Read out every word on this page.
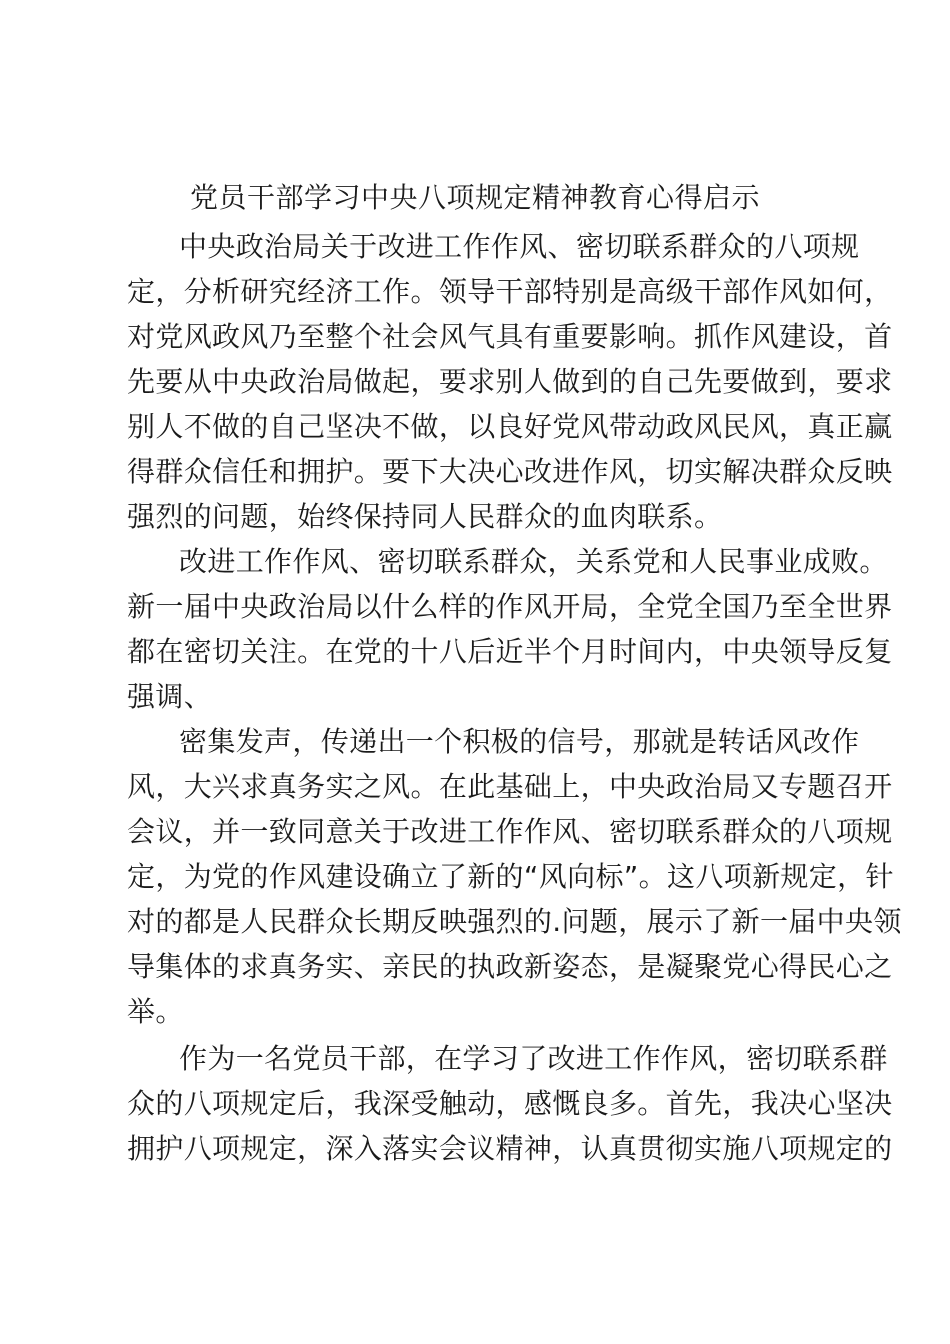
党员干部学习中央八项规定精神教育心得启示
中央政治局关于改进工作作风、密切联系群众的八项规
定，分析研究经济工作。领导干部特别是高级干部作风如何，
对党风政风乃至整个社会风气具有重要影响。抓作风建设，首
先要从中央政治局做起，要求别人做到的自己先要做到，要求
别人不做的自己坚决不做，以良好党风带动政风民风，真正赢
得群众信任和拥护。要下大决心改进作风，切实解决群众反映
强烈的问题，始终保持同人民群众的血肉联系。
改进工作作风、密切联系群众，关系党和人民事业成败。
新一届中央政治局以什么样的作风开局，全党全国乃至全世界
都在密切关注。在党的十八后近半个月时间内，中央领导反复
强调、
密集发声，传递出一个积极的信号，那就是转话风改作
风，大兴求真务实之风。在此基础上，中央政治局又专题召开
会议，并一致同意关于改进工作作风、密切联系群众的八项规
定，为党的作风建设确立了新的“风向标”。这八项新规定，针
对的都是人民群众长期反映强烈的.问题，展示了新一届中央领
导集体的求真务实、亲民的执政新姿态，是凝聚党心得民心之
举。
作为一名党员干部，在学习了改进工作作风，密切联系群
众的八项规定后，我深受触动，感慨良多。首先，我决心坚决
拥护八项规定，深入落实会议精神，认真贯彻实施八项规定的
